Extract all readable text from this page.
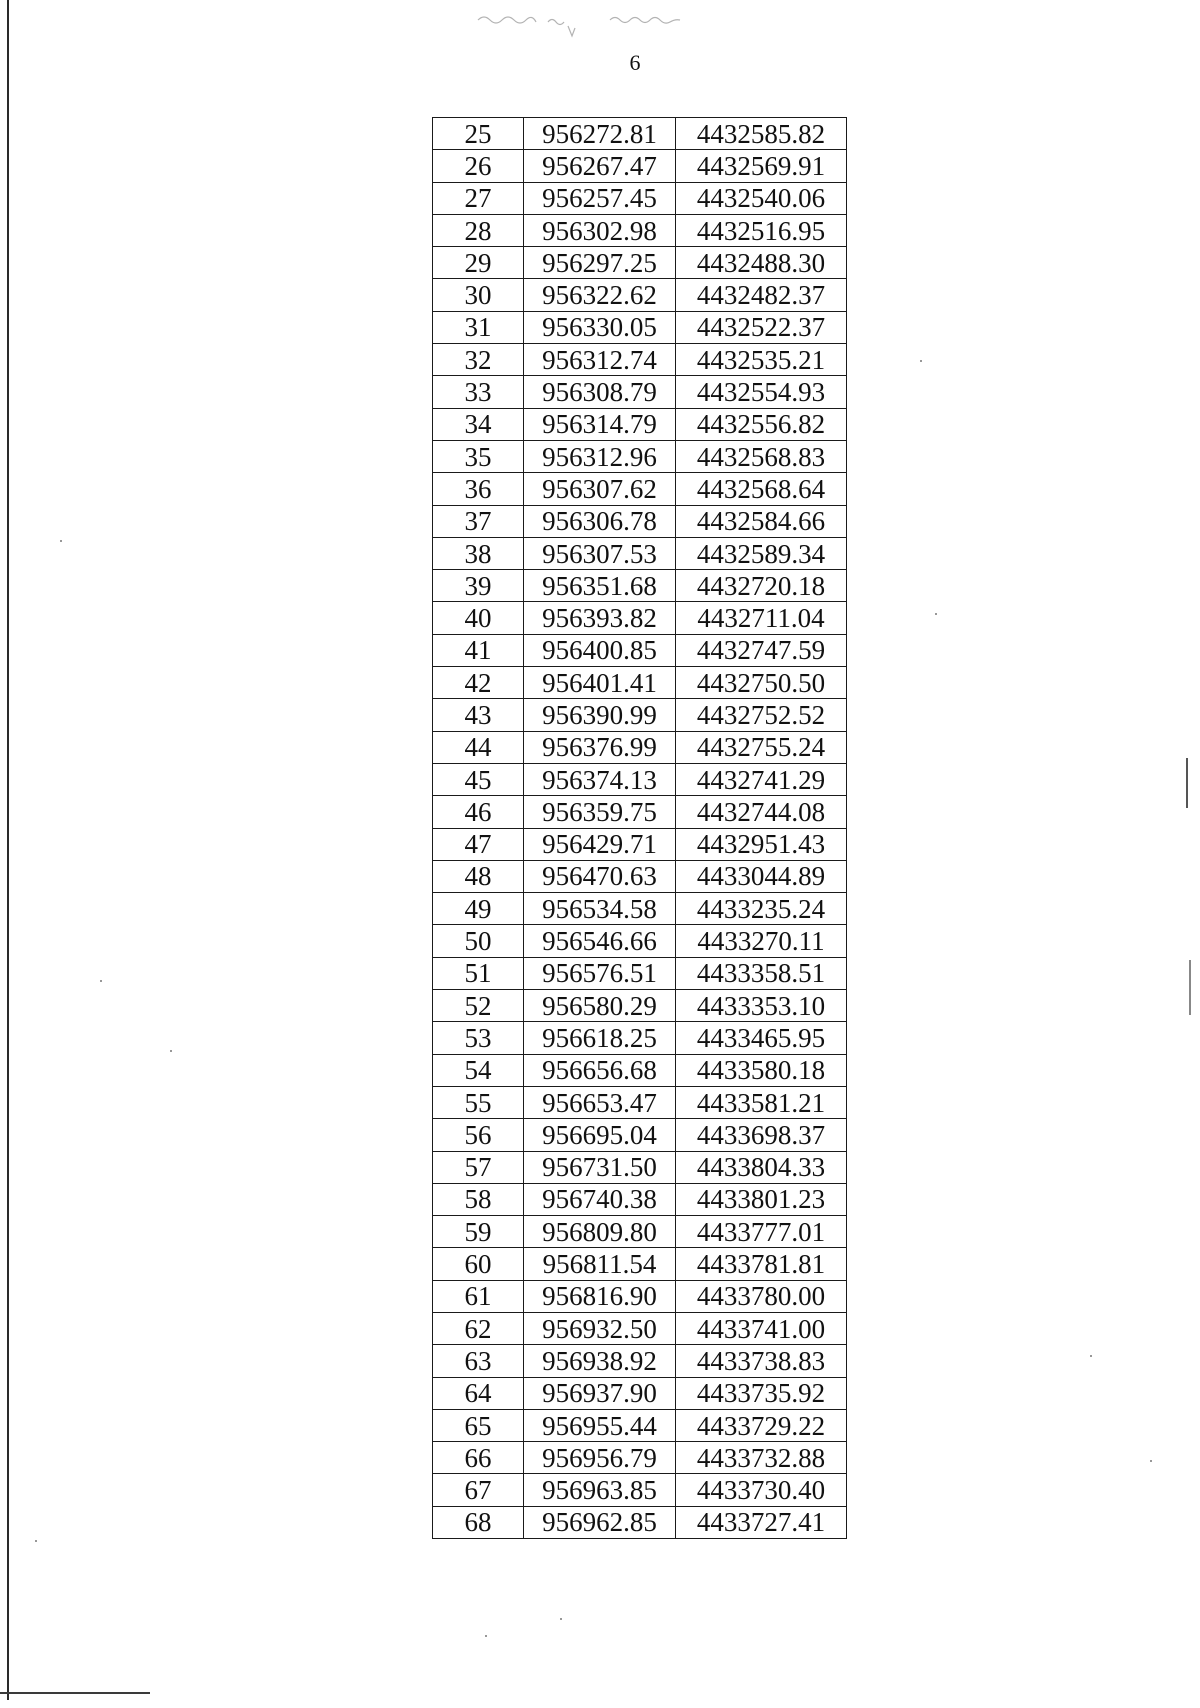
6
25	956272.81	4432585.82
26	956267.47	4432569.91
27	956257.45	4432540.06
28	956302.98	4432516.95
29	956297.25	4432488.30
30	956322.62	4432482.37
31	956330.05	4432522.37
32	956312.74	4432535.21
33	956308.79	4432554.93
34	956314.79	4432556.82
35	956312.96	4432568.83
36	956307.62	4432568.64
37	956306.78	4432584.66
38	956307.53	4432589.34
39	956351.68	4432720.18
40	956393.82	4432711.04
41	956400.85	4432747.59
42	956401.41	4432750.50
43	956390.99	4432752.52
44	956376.99	4432755.24
45	956374.13	4432741.29
46	956359.75	4432744.08
47	956429.71	4432951.43
48	956470.63	4433044.89
49	956534.58	4433235.24
50	956546.66	4433270.11
51	956576.51	4433358.51
52	956580.29	4433353.10
53	956618.25	4433465.95
54	956656.68	4433580.18
55	956653.47	4433581.21
56	956695.04	4433698.37
57	956731.50	4433804.33
58	956740.38	4433801.23
59	956809.80	4433777.01
60	956811.54	4433781.81
61	956816.90	4433780.00
62	956932.50	4433741.00
63	956938.92	4433738.83
64	956937.90	4433735.92
65	956955.44	4433729.22
66	956956.79	4433732.88
67	956963.85	4433730.40
68	956962.85	4433727.41
